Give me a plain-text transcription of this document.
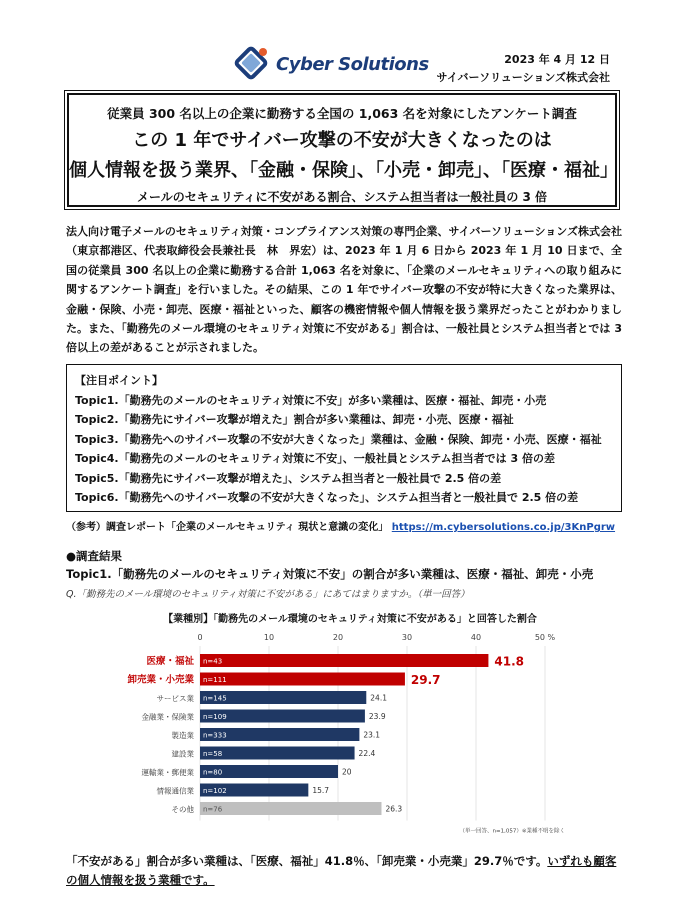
Cyber Solutions	2023 年 4 月 12 日
サイバーソリューションズ株式会社
従業員 300 名以上の企業に勤務する全国の 1,063 名を対象にしたアンケート調査
この 1 年でサイバー攻撃の不安が大きくなったのは
個人情報を扱う業界、「金融・保険」、「小売・卸売」、「医療・福祉」
メールのセキュリティに不安がある割合、システム担当者は一般社員の 3 倍
法人向け電子メールのセキュリティ対策・コンプライアンス対策の専門企業、サイバーソリューションズ株式会社（東京都港区、代表取締役会長兼社長　林　界宏）は、2023 年 1 月 6 日から 2023 年 1 月 10 日まで、全国の従業員 300 名以上の企業に勤務する合計 1,063 名を対象に、「企業のメールセキュリティへの取り組みに関するアンケート調査」を行いました。その結果、この 1 年でサイバー攻撃の不安が特に大きくなった業界は、金融・保険、小売・卸売、医療・福祉といった、顧客の機密情報や個人情報を扱う業界だったことがわかりました。また、「勤務先のメール環境のセキュリティ対策に不安がある」割合は、一般社員とシステム担当者とでは 3 倍以上の差があることが示されました。
【注目ポイント】
Topic1.「勤務先のメールのセキュリティ対策に不安」が多い業種は、医療・福祉、卸売・小売
Topic2.「勤務先にサイバー攻撃が増えた」割合が多い業種は、卸売・小売、医療・福祉
Topic3.「勤務先へのサイバー攻撃の不安が大きくなった」業種は、金融・保険、卸売・小売、医療・福祉
Topic4.「勤務先のメールのセキュリティ対策に不安」、一般社員とシステム担当者では 3 倍の差
Topic5.「勤務先にサイバー攻撃が増えた」、システム担当者と一般社員で 2.5 倍の差
Topic6.「勤務先へのサイバー攻撃の不安が大きくなった」、システム担当者と一般社員で 2.5 倍の差
（参考）調査レポート「企業のメールセキュリティ 現状と意識の変化」 https://m.cybersolutions.co.jp/3KnPgrw
●調査結果
Topic1.「勤務先のメールのセキュリティ対策に不安」の割合が多い業種は、医療・福祉、卸売・小売
Q.「勤務先のメール環境のセキュリティ対策に不安がある」にあてはまりますか。（単一回答）
【業種別】「勤務先のメール環境のセキュリティ対策に不安がある」と回答した割合
0	10	20	30	40	50 %
医療・福祉 n=43	41.8
卸売業・小売業 n=111	29.7
サービス業 n=145	24.1
金融業・保険業 n=109	23.9
製造業 n=333	23.1
建設業 n=58	22.4
運輸業・郵便業 n=80	20
情報通信業 n=102	15.7
その他 n=76	26.3
（単一回答、n=1,057）※業種不明を除く
「不安がある」割合が多い業種は、「医療、福祉」41.8％、「卸売業・小売業」29.7％です。いずれも顧客の個人情報を扱う業種です。
